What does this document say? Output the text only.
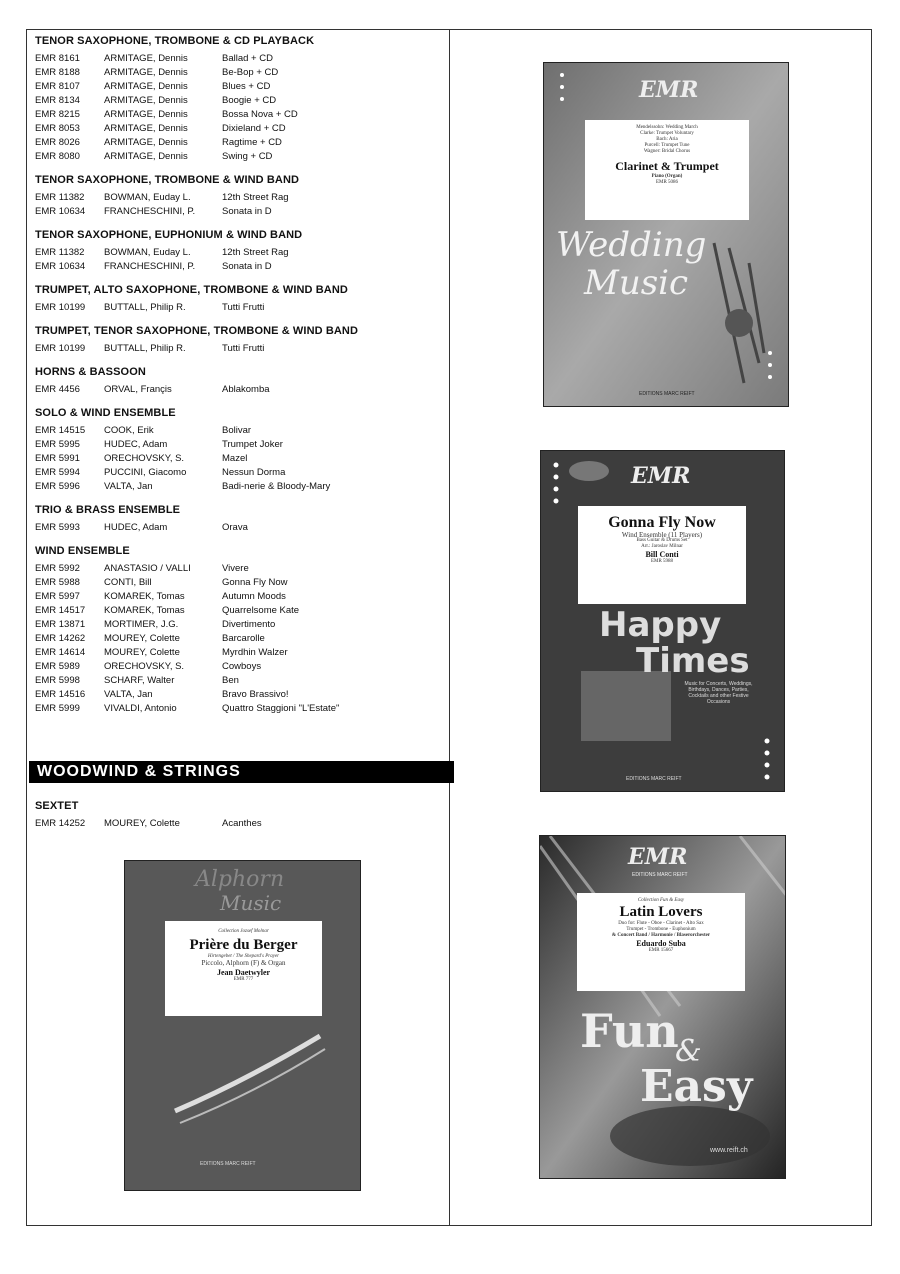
TENOR SAXOPHONE, TROMBONE & CD PLAYBACK
EMR 8161	ARMITAGE, Dennis	Ballad + CD
EMR 8188	ARMITAGE, Dennis	Be-Bop + CD
EMR 8107	ARMITAGE, Dennis	Blues + CD
EMR 8134	ARMITAGE, Dennis	Boogie + CD
EMR 8215	ARMITAGE, Dennis	Bossa Nova + CD
EMR 8053	ARMITAGE, Dennis	Dixieland + CD
EMR 8026	ARMITAGE, Dennis	Ragtime + CD
EMR 8080	ARMITAGE, Dennis	Swing + CD
TENOR SAXOPHONE, TROMBONE & WIND BAND
EMR 11382 BOWMAN, Euday L.	12th Street Rag
EMR 10634 FRANCHESCHINI, P.	Sonata in D
TENOR SAXOPHONE, EUPHONIUM & WIND BAND
EMR 11382 BOWMAN, Euday L.	12th Street Rag
EMR 10634 FRANCHESCHINI, P.	Sonata in D
TRUMPET, ALTO SAXOPHONE, TROMBONE & WIND BAND
EMR 10199 BUTTALL, Philip R.	Tutti Frutti
TRUMPET, TENOR SAXOPHONE, TROMBONE & WIND BAND
EMR 10199 BUTTALL, Philip R.	Tutti Frutti
HORNS & BASSOON
EMR 4456	ORVAL, Françis	Ablakomba
SOLO & WIND ENSEMBLE
EMR 14515 COOK, Erik	Bolivar
EMR 5995	HUDEC, Adam	Trumpet Joker
EMR 5991	ORECHOVSKY, S.	Mazel
EMR 5994	PUCCINI, Giacomo	Nessun Dorma
EMR 5996	VALTA, Jan	Badi-nerie & Bloody-Mary
TRIO & BRASS ENSEMBLE
EMR 5993	HUDEC, Adam	Orava
WIND ENSEMBLE
EMR 5992	ANASTASIO / VALLI	Vivere
EMR 5988	CONTI, Bill	Gonna Fly Now
EMR 5997	KOMAREK, Tomas	Autumn Moods
EMR 14517 KOMAREK, Tomas	Quarrelsome Kate
EMR 13871 MORTIMER, J.G.	Divertimento
EMR 14262 MOUREY, Colette	Barcarolle
EMR 14614 MOUREY, Colette	Myrdhin Walzer
EMR 5989	ORECHOVSKY, S.	Cowboys
EMR 5998	SCHARF, Walter	Ben
EMR 14516 VALTA, Jan	Bravo Brassivo!
EMR 5999	VIVALDI, Antonio	Quattro Staggioni "L'Estate"
WOODWIND & STRINGS
SEXTET
EMR 14252 MOUREY, Colette	Acanthes
EMR
Mendelssohn: Wedding March
Clarke: Trumpet Voluntary
Bach: Aria
Purcell: Trumpet Tune
Wagner: Bridal Chorus
Clarinet & Trumpet
Piano (Organ)
EMR 5086
Wedding
Music
EDITIONS MARC REIFT
EMR
Gonna Fly Now
Wind Ensemble (11 Players)
Bass Guitar & Drums Set
Arr.: Jaroslav Milnar
Bill Conti
EMR 5988
Happy
Times
Music for Concerts, Weddings, Birthdays, Dances, Parties, Cocktails and other Festive Occasions
EDITIONS MARC REIFT
EMR
EDITIONS MARC REIFT
Collection Fun & Easy
Latin Lovers
Duo for: Flute - Oboe - Clarinet - Alto Sax
Trumpet - Trombone - Euphonium
& Concert Band / Harmonie / Blaserorchester
Eduardo Suba
EMR 15667
Fun
&
Easy
www.reift.ch
Alphorn
Music
Collection Jozsef Molnar
Prière du Berger
Hirtengebet / The Shepard's Prayer
Piccolo, Alphorn (F) & Organ
Jean Daetwyler
EMR 777
EDITIONS MARC REIFT
